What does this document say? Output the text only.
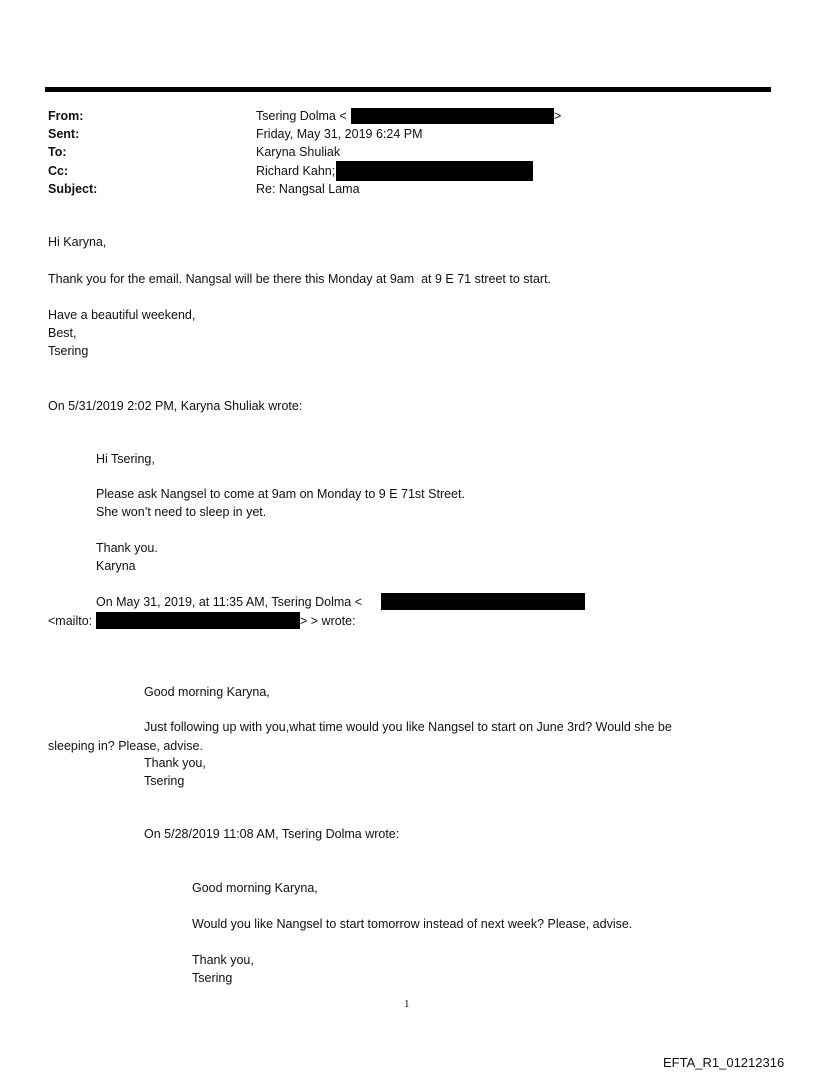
From:	Tsering Dolma <	>
Sent:	Friday, May 31, 2019 6:24 PM
To:	Karyna Shuliak
Cc:	Richard Kahn;
Subject:	Re: Nangsal Lama
Hi Karyna,
Thank you for the email. Nangsal will be there this Monday at 9am  at 9 E 71 street to start.
Have a beautiful weekend,
Best,
Tsering
On 5/31/2019 2:02 PM, Karyna Shuliak wrote:
Hi Tsering,
Please ask Nangsel to come at 9am on Monday to 9 E 71st Street.
She won’t need to sleep in yet.
Thank you.
Karyna
On May 31, 2019, at 11:35 AM, Tsering Dolma <
<mailto:	> > wrote:
Good morning Karyna,
Just following up with you,what time would you like Nangsel to start on June 3rd? Would she be
sleeping in? Please, advise.
Thank you,
Tsering
On 5/28/2019 11:08 AM, Tsering Dolma wrote:
Good morning Karyna,
Would you like Nangsel to start tomorrow instead of next week? Please, advise.
Thank you,
Tsering
1
EFTA_R1_01212316
